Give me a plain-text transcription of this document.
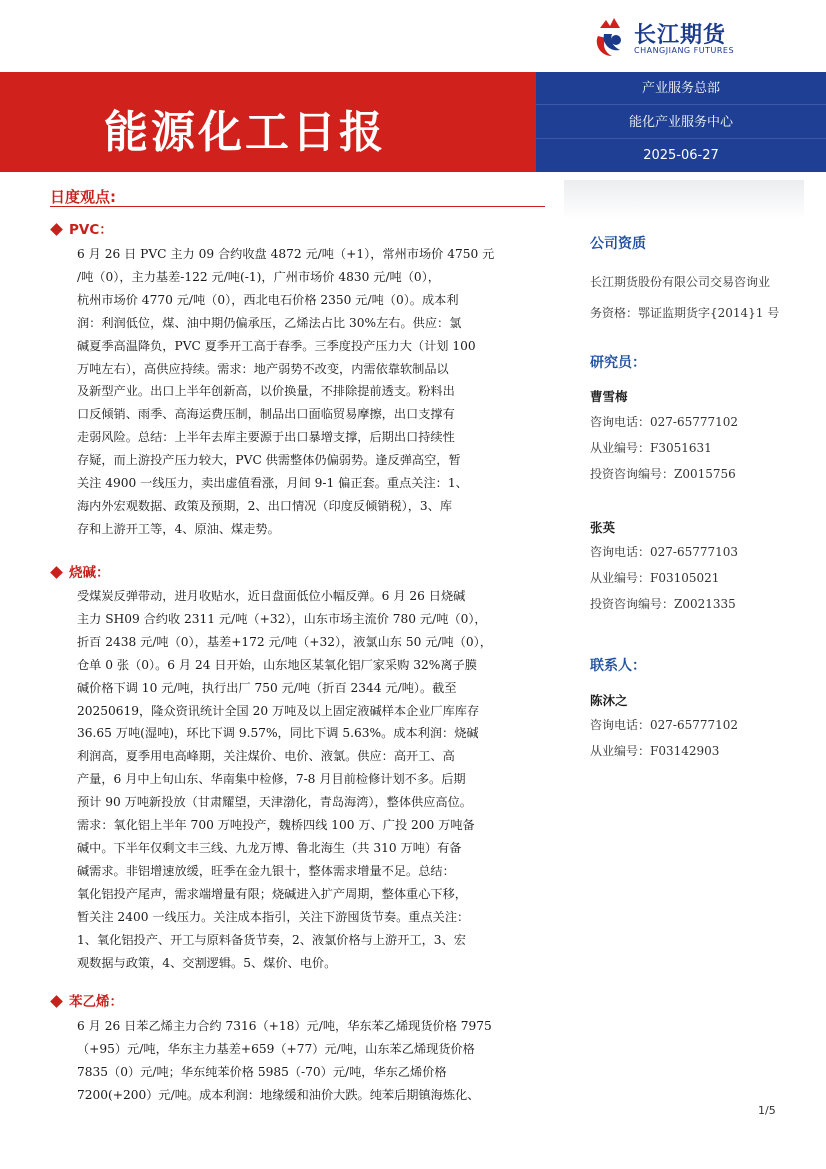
长江期货
CHANGJIANG FUTURES
能源化工日报
产业服务总部
能化产业服务中心
2025-06-27
日度观点:
PVC：
6 月 26 日 PVC 主力 09 合约收盘 4872 元/吨（+1），常州市场价 4750 元
/吨（0），主力基差-122 元/吨(-1)，广州市场价 4830 元/吨（0），
杭州市场价 4770 元/吨（0），西北电石价格 2350 元/吨（0）。成本利
润：利润低位，煤、油中期仍偏承压，乙烯法占比 30%左右。供应：氯
碱夏季高温降负，PVC 夏季开工高于春季。三季度投产压力大（计划 100
万吨左右），高供应持续。需求：地产弱势不改变，内需依靠软制品以
及新型产业。出口上半年创新高，以价换量，不排除提前透支。粉料出
口反倾销、雨季、高海运费压制，制品出口面临贸易摩擦，出口支撑有
走弱风险。总结：上半年去库主要源于出口暴增支撑，后期出口持续性
存疑，而上游投产压力较大，PVC 供需整体仍偏弱势。逢反弹高空，暂
关注 4900 一线压力，卖出虚值看涨，月间 9-1 偏正套。重点关注：1、
海内外宏观数据、政策及预期，2、出口情况（印度反倾销税），3、库
存和上游开工等，4、原油、煤走势。
烧碱：
受煤炭反弹带动，进月收贴水，近日盘面低位小幅反弹。6 月 26 日烧碱
主力 SH09 合约收 2311 元/吨（+32），山东市场主流价 780 元/吨（0），
折百 2438 元/吨（0），基差+172 元/吨（+32），液氯山东 50 元/吨（0），
仓单 0 张（0）。6 月 24 日开始，山东地区某氧化铝厂家采购 32%离子膜
碱价格下调 10 元/吨，执行出厂 750 元/吨（折百 2344 元/吨）。截至
20250619，隆众资讯统计全国 20 万吨及以上固定液碱样本企业厂库库存
36.65 万吨(湿吨)，环比下调 9.57%，同比下调 5.63%。成本利润：烧碱
利润高，夏季用电高峰期，关注煤价、电价、液氯。供应：高开工、高
产量，6 月中上旬山东、华南集中检修，7-8 月目前检修计划不多。后期
预计 90 万吨新投放（甘肃耀望，天津渤化，青岛海湾），整体供应高位。
需求：氧化铝上半年 700 万吨投产，魏桥四线 100 万、广投 200 万吨备
碱中。下半年仅剩文丰三线、九龙万博、鲁北海生（共 310 万吨）有备
碱需求。非铝增速放缓，旺季在金九银十，整体需求增量不足。总结：
氧化铝投产尾声，需求端增量有限；烧碱进入扩产周期，整体重心下移，
暂关注 2400 一线压力。关注成本指引，关注下游囤货节奏。重点关注：
1、氧化铝投产、开工与原料备货节奏，2、液氯价格与上游开工，3、宏
观数据与政策，4、交割逻辑。5、煤价、电价。
苯乙烯：
6 月 26 日苯乙烯主力合约 7316（+18）元/吨，华东苯乙烯现货价格 7975
（+95）元/吨，华东主力基差+659（+77）元/吨，山东苯乙烯现货价格
7835（0）元/吨；华东纯苯价格 5985（-70）元/吨，华东乙烯价格
7200(+200）元/吨。成本利润：地缘缓和油价大跌。纯苯后期镇海炼化、
公司资质
长江期货股份有限公司交易咨询业
务资格：鄂证监期货字{2014}1 号
研究员：
曹雪梅
咨询电话：027-65777102
从业编号：F3051631
投资咨询编号：Z0015756
张英
咨询电话：027-65777103
从业编号：F03105021
投资咨询编号：Z0021335
联系人：
陈沐之
咨询电话：027-65777102
从业编号：F03142903
1/5
